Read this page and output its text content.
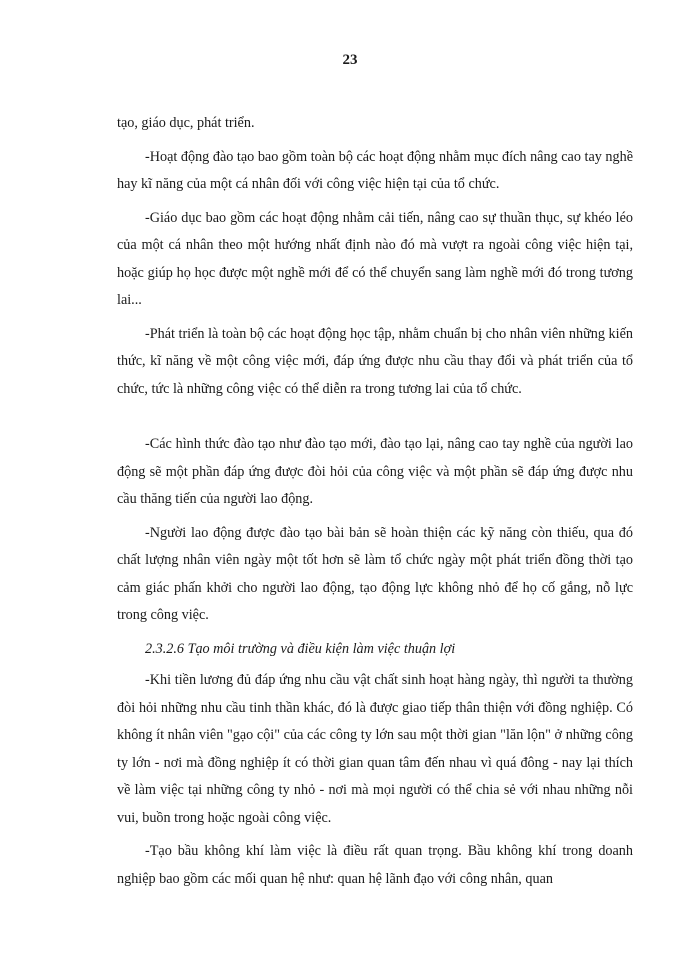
23

tạo, giáo dục, phát triển.

-Hoạt động đào tạo bao gồm toàn bộ các hoạt động nhằm mục đích nâng cao tay nghề hay kĩ năng của một cá nhân đối với công việc hiện tại của tổ chức.

-Giáo dục bao gồm các hoạt động nhằm cải tiến, nâng cao sự thuần thục, sự khéo léo của một cá nhân theo một hướng nhất định nào đó mà vượt ra ngoài công việc hiện tại, hoặc giúp họ học được một nghề mới để có thể chuyển sang làm nghề mới đó trong tương lai...

-Phát triển là toàn bộ các hoạt động học tập, nhằm chuẩn bị cho nhân viên những kiến thức, kĩ năng về một công việc mới, đáp ứng được nhu cầu thay đổi và phát triển của tổ chức, tức là những công việc có thể diễn ra trong tương lai của tổ chức.

-Các hình thức đào tạo như đào tạo mới, đào tạo lại, nâng cao tay nghề của người lao động sẽ một phần đáp ứng được đòi hỏi của công việc và một phần sẽ đáp ứng được nhu cầu thăng tiến của người lao động.

-Người lao động được đào tạo bài bản sẽ hoàn thiện các kỹ năng còn thiếu, qua đó chất lượng nhân viên ngày một tốt hơn sẽ làm tổ chức ngày một phát triển đồng thời tạo cảm giác phấn khởi cho người lao động, tạo động lực không nhỏ để họ cố gắng, nỗ lực trong công việc.

2.3.2.6 Tạo môi trường và điều kiện làm việc thuận lợi

-Khi tiền lương đủ đáp ứng nhu cầu vật chất sinh hoạt hàng ngày, thì người ta thường đòi hỏi những nhu cầu tinh thần khác, đó là được giao tiếp thân thiện với đồng nghiệp. Có không ít nhân viên "gạo cội" của các công ty lớn sau một thời gian "lăn lộn" ở những công ty lớn - nơi mà đồng nghiệp ít có thời gian quan tâm đến nhau vì quá đông - nay lại thích về làm việc tại những công ty nhỏ - nơi mà mọi người có thể chia sẻ với nhau những nỗi vui, buồn trong hoặc ngoài công việc.

-Tạo bầu không khí làm việc là điều rất quan trọng. Bầu không khí trong doanh nghiệp bao gồm các mối quan hệ như: quan hệ lãnh đạo với công nhân, quan
